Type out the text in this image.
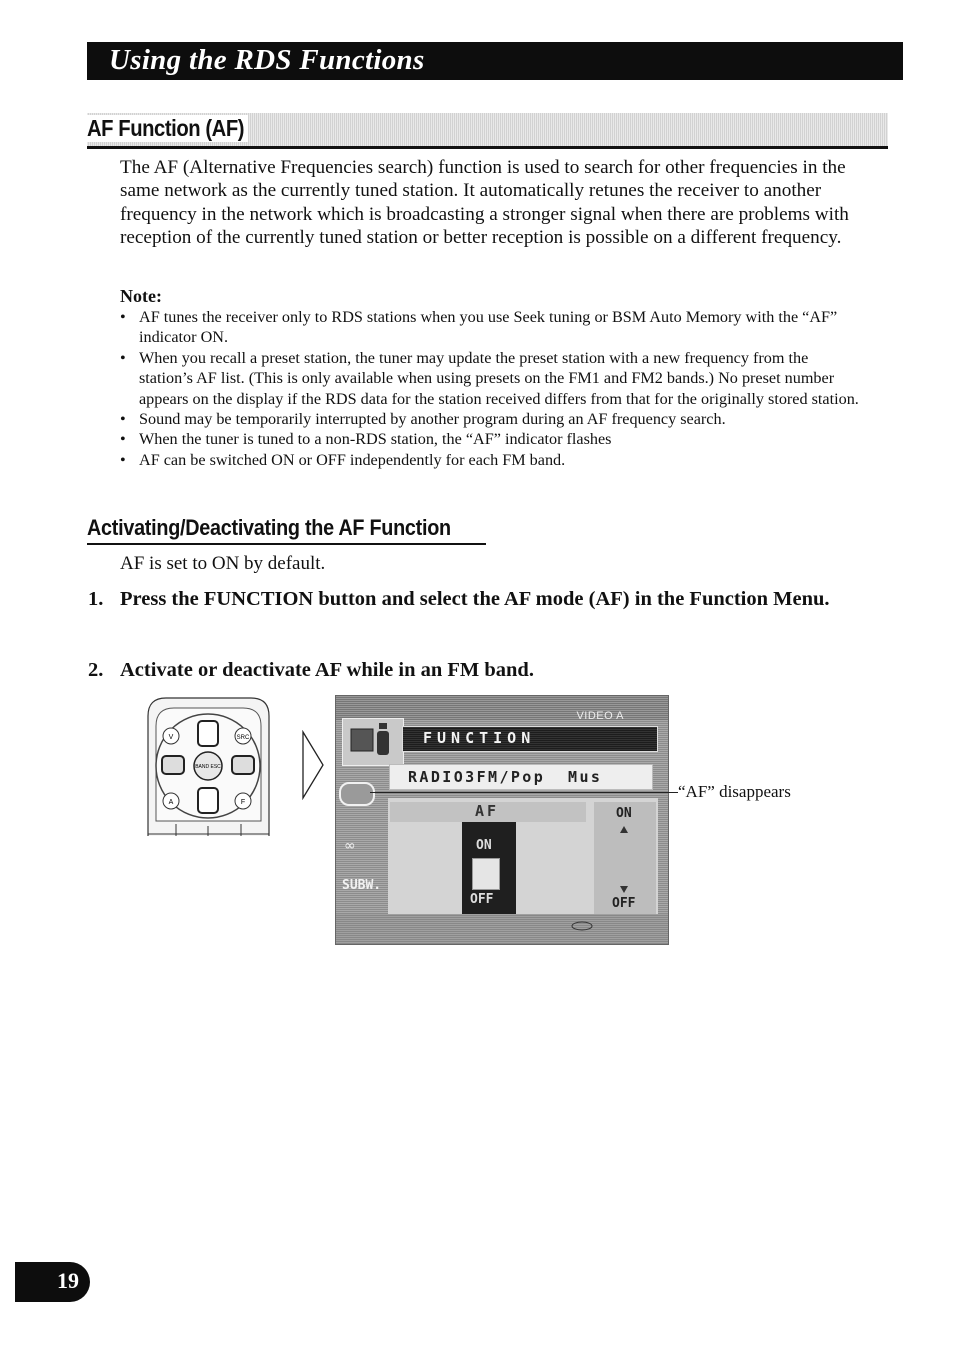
Using the RDS Functions
AF Function (AF)
The AF (Alternative Frequencies search) function is used to search for other frequencies in the same network as the currently tuned station. It automatically retunes the receiver to another frequency in the network which is broadcasting a stronger signal when there are problems with reception of the currently tuned station or better reception is possible on a different frequency.
Note:
• AF tunes the receiver only to RDS stations when you use Seek tuning or BSM Auto Memory with the “AF” indicator ON.
• When you recall a preset station, the tuner may update the preset station with a new frequency from the station’s AF list. (This is only available when using presets on the FM1 and FM2 bands.) No preset number appears on the display if the RDS data for the station received differs from that for the originally stored station.
• Sound may be temporarily interrupted by another program during an AF frequency search.
• When the tuner is tuned to a non-RDS station, the “AF” indicator flashes
• AF can be switched ON or OFF independently for each FM band.
Activating/Deactivating the AF Function
AF is set to ON by default.
1. Press the FUNCTION button and select the AF mode (AF) in the Function Menu.
2. Activate or deactivate AF while in an FM band.
V	SRC
BAND ESC
A	F
VIDEO A
FUNCTION
RADIO3FM/Pop  Mus
AF
ON
OFF
ON
OFF
∞
SUBW.
“AF” disappears
19
